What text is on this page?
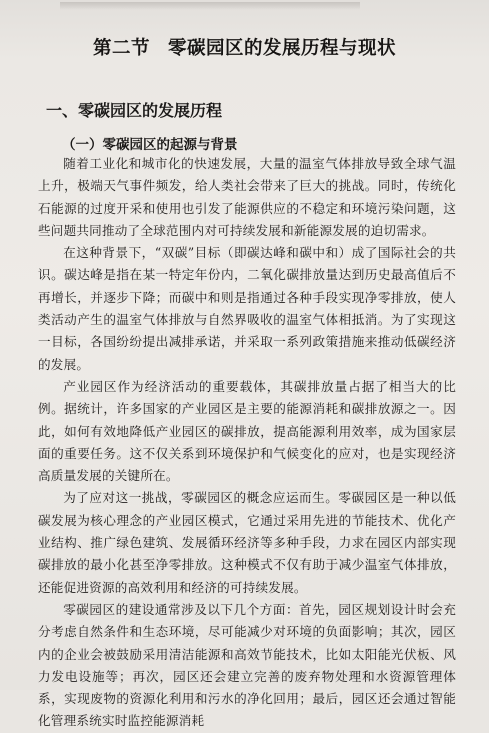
第二节 零碳园区的发展历程与现状
一、零碳园区的发展历程
（一）零碳园区的起源与背景

随着工业化和城市化的快速发展，大量的温室气体排放导致全球气温上升，极端天气事件频发，给人类社会带来了巨大的挑战。同时，传统化石能源的过度开采和使用也引发了能源供应的不稳定和环境污染问题，这些问题共同推动了全球范围内对可持续发展和新能源发展的迫切需求。

在这种背景下，“双碳”目标（即碳达峰和碳中和）成了国际社会的共识。碳达峰是指在某一特定年份内，二氧化碳排放量达到历史最高值后不再增长，并逐步下降；而碳中和则是指通过各种手段实现净零排放，使人类活动产生的温室气体排放与自然界吸收的温室气体相抵消。为了实现这一目标，各国纷纷提出减排承诺，并采取一系列政策措施来推动低碳经济的发展。

产业园区作为经济活动的重要载体，其碳排放量占据了相当大的比例。据统计，许多国家的产业园区是主要的能源消耗和碳排放源之一。因此，如何有效地降低产业园区的碳排放，提高能源利用效率，成为国家层面的重要任务。这不仅关系到环境保护和气候变化的应对，也是实现经济高质量发展的关键所在。

为了应对这一挑战，零碳园区的概念应运而生。零碳园区是一种以低碳发展为核心理念的产业园区模式，它通过采用先进的节能技术、优化产业结构、推广绿色建筑、发展循环经济等多种手段，力求在园区内部实现碳排放的最小化甚至净零排放。这种模式不仅有助于减少温室气体排放，还能促进资源的高效利用和经济的可持续发展。

零碳园区的建设通常涉及以下几个方面：首先，园区规划设计时会充分考虑自然条件和生态环境，尽可能减少对环境的负面影响；其次，园区内的企业会被鼓励采用清洁能源和高效节能技术，比如太阳能光伏板、风力发电设施等；再次，园区还会建立完善的废弃物处理和水资源管理体系，实现废物的资源化利用和污水的净化回用；最后，园区还会通过智能化管理系统实时监控能源消耗
